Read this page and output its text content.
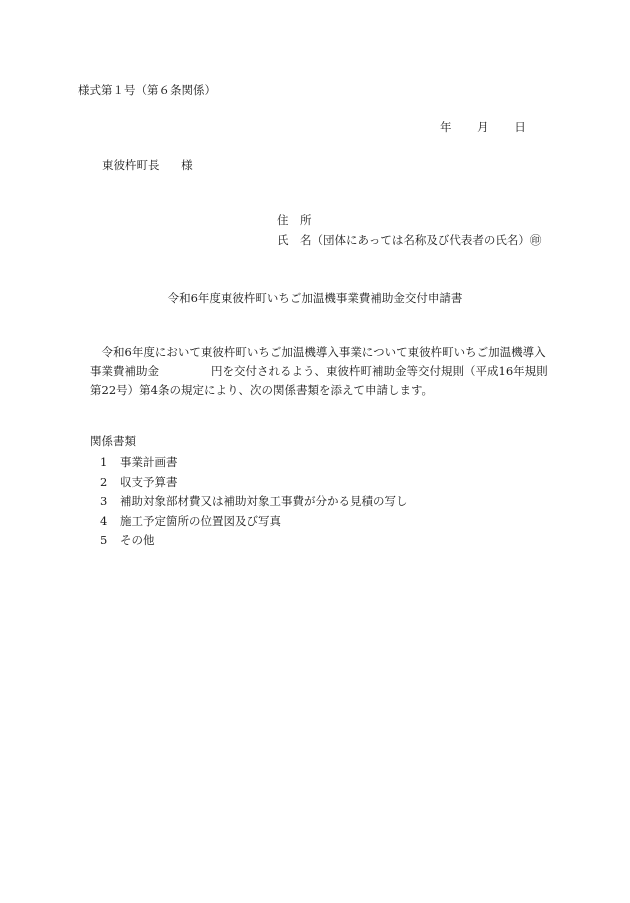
様式第１号（第６条関係）
年 月 日
東彼杵町長 様
住　所
氏　名（団体にあっては名称及び代表者の氏名）㊞
令和6年度東彼杵町いちご加温機事業費補助金交付申請書
令和6年度において東彼杵町いちご加温機導入事業について東彼杵町いちご加温機導入事業費補助金	円を交付されるよう、東彼杵町補助金等交付規則（平成16年規則第22号）第4条の規定により、次の関係書類を添えて申請します。
関係書類
1 事業計画書
2 収支予算書
3 補助対象部材費又は補助対象工事費が分かる見積の写し
4 施工予定箇所の位置図及び写真
5 その他
